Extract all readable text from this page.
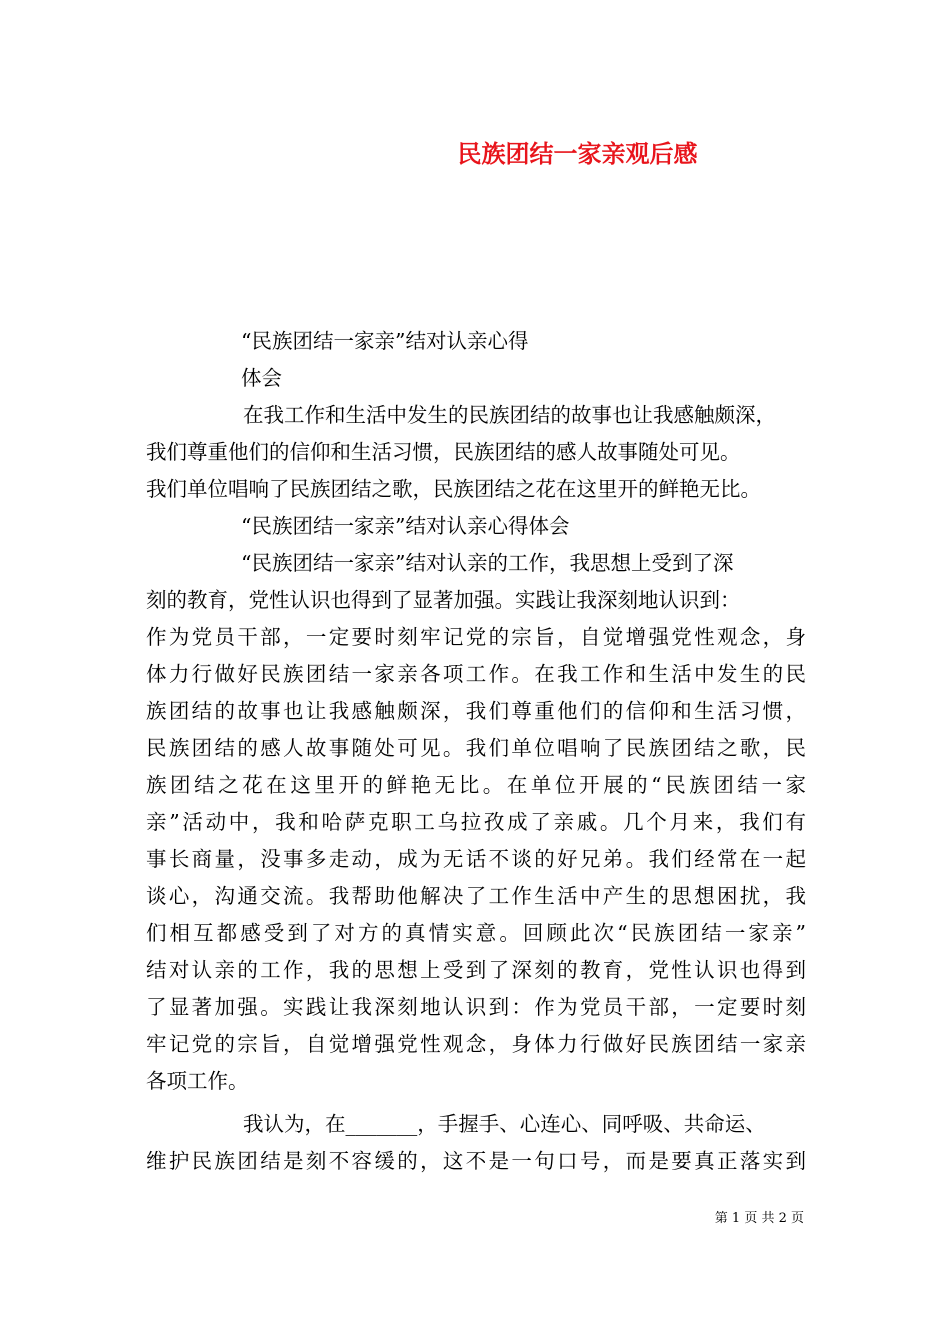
民族团结一家亲观后感
“民族团结一家亲”结对认亲心得
体会
在我工作和生活中发生的民族团结的故事也让我感触颇深，
我们尊重他们的信仰和生活习惯，民族团结的感人故事随处可见。
我们单位唱响了民族团结之歌，民族团结之花在这里开的鲜艳无比。
“民族团结一家亲”结对认亲心得体会
“民族团结一家亲”结对认亲的工作，我思想上受到了深
刻的教育，党性认识也得到了显著加强。实践让我深刻地认识到：
作为党员干部，一定要时刻牢记党的宗旨，自觉增强党性观念，身
体力行做好民族团结一家亲各项工作。在我工作和生活中发生的民
族团结的故事也让我感触颇深，我们尊重他们的信仰和生活习惯，
民族团结的感人故事随处可见。我们单位唱响了民族团结之歌，民
族团结之花在这里开的鲜艳无比。在单位开展的“民族团结一家
亲”活动中，我和哈萨克职工乌拉孜成了亲戚。几个月来，我们有
事长商量，没事多走动，成为无话不谈的好兄弟。我们经常在一起
谈心，沟通交流。我帮助他解决了工作生活中产生的思想困扰，我
们相互都感受到了对方的真情实意。回顾此次“民族团结一家亲”
结对认亲的工作，我的思想上受到了深刻的教育，党性认识也得到
了显著加强。实践让我深刻地认识到：作为党员干部，一定要时刻
牢记党的宗旨，自觉增强党性观念，身体力行做好民族团结一家亲
各项工作。
我认为，在_______，手握手、心连心、同呼吸、共命运、
维护民族团结是刻不容缓的，这不是一句口号，而是要真正落实到
第 1 页 共 2 页
